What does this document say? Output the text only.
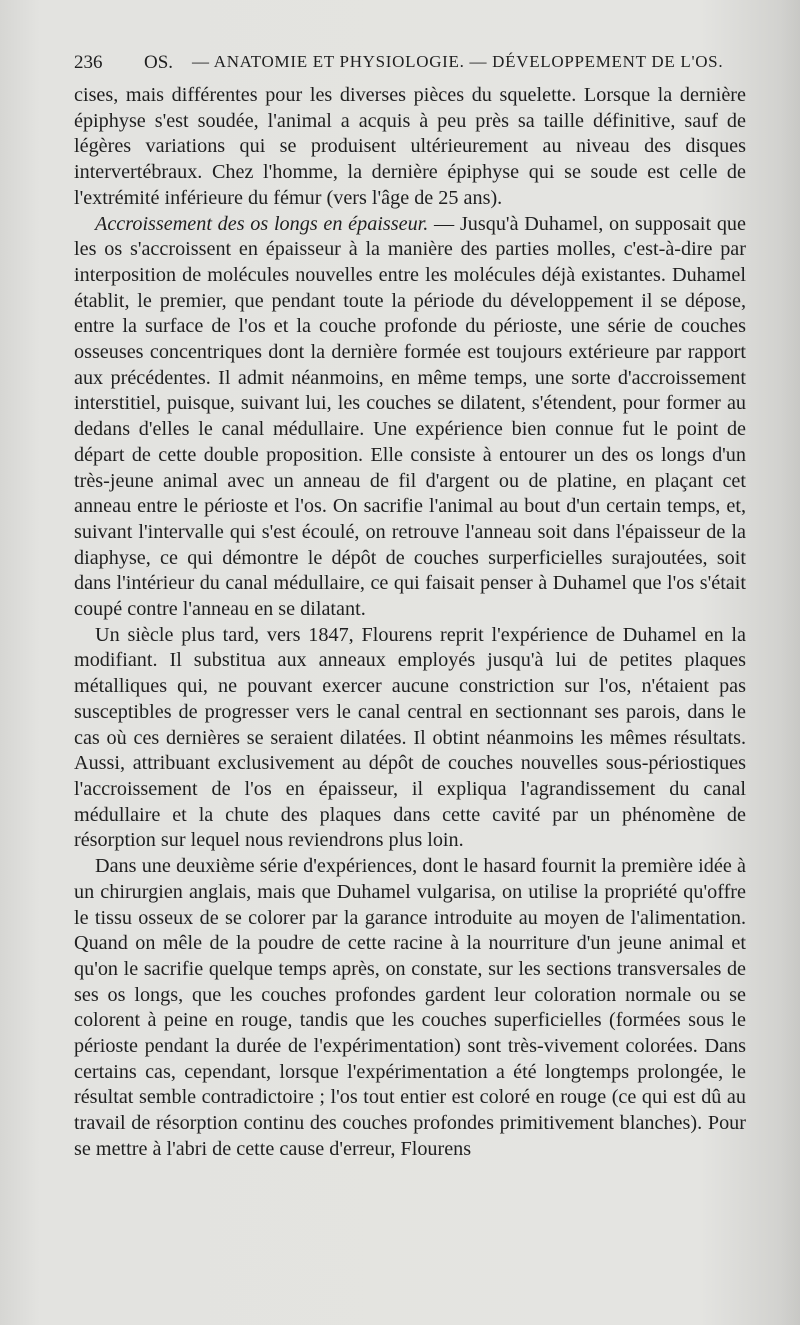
236 OS. — ANATOMIE ET PHYSIOLOGIE. — DÉVELOPPEMENT DE L'OS.

cises, mais différentes pour les diverses pièces du squelette. Lorsque la dernière épiphyse s'est soudée, l'animal a acquis à peu près sa taille définitive, sauf de légères variations qui se produisent ultérieurement au niveau des disques intervertébraux. Chez l'homme, la dernière épiphyse qui se soude est celle de l'extrémité inférieure du fémur (vers l'âge de 25 ans).

Accroissement des os longs en épaisseur. — Jusqu'à Duhamel, on supposait que les os s'accroissent en épaisseur à la manière des parties molles, c'est-à-dire par interposition de molécules nouvelles entre les molécules déjà existantes. Duhamel établit, le premier, que pendant toute la période du développement il se dépose, entre la surface de l'os et la couche profonde du périoste, une série de couches osseuses concentriques dont la dernière formée est toujours extérieure par rapport aux précédentes. Il admit néanmoins, en même temps, une sorte d'accroissement interstitiel, puisque, suivant lui, les couches se dilatent, s'étendent, pour former au dedans d'elles le canal médullaire. Une expérience bien connue fut le point de départ de cette double proposition. Elle consiste à entourer un des os longs d'un très-jeune animal avec un anneau de fil d'argent ou de platine, en plaçant cet anneau entre le périoste et l'os. On sacrifie l'animal au bout d'un certain temps, et, suivant l'intervalle qui s'est écoulé, on retrouve l'anneau soit dans l'épaisseur de la diaphyse, ce qui démontre le dépôt de couches surperficielles surajoutées, soit dans l'intérieur du canal médullaire, ce qui faisait penser à Duhamel que l'os s'était coupé contre l'anneau en se dilatant.

Un siècle plus tard, vers 1847, Flourens reprit l'expérience de Duhamel en la modifiant. Il substitua aux anneaux employés jusqu'à lui de petites plaques métalliques qui, ne pouvant exercer aucune constriction sur l'os, n'étaient pas susceptibles de progresser vers le canal central en sectionnant ses parois, dans le cas où ces dernières se seraient dilatées. Il obtint néanmoins les mêmes résultats. Aussi, attribuant exclusivement au dépôt de couches nouvelles sous-périostiques l'accroissement de l'os en épaisseur, il expliqua l'agrandissement du canal médullaire et la chute des plaques dans cette cavité par un phénomène de résorption sur lequel nous reviendrons plus loin.

Dans une deuxième série d'expériences, dont le hasard fournit la première idée à un chirurgien anglais, mais que Duhamel vulgarisa, on utilise la propriété qu'offre le tissu osseux de se colorer par la garance introduite au moyen de l'alimentation. Quand on mêle de la poudre de cette racine à la nourriture d'un jeune animal et qu'on le sacrifie quelque temps après, on constate, sur les sections transversales de ses os longs, que les couches profondes gardent leur coloration normale ou se colorent à peine en rouge, tandis que les couches superficielles (formées sous le périoste pendant la durée de l'expérimentation) sont très-vivement colorées. Dans certains cas, cependant, lorsque l'expérimentation a été longtemps prolongée, le résultat semble contradictoire ; l'os tout entier est coloré en rouge (ce qui est dû au travail de résorption continu des couches profondes primitivement blanches). Pour se mettre à l'abri de cette cause d'erreur, Flourens
